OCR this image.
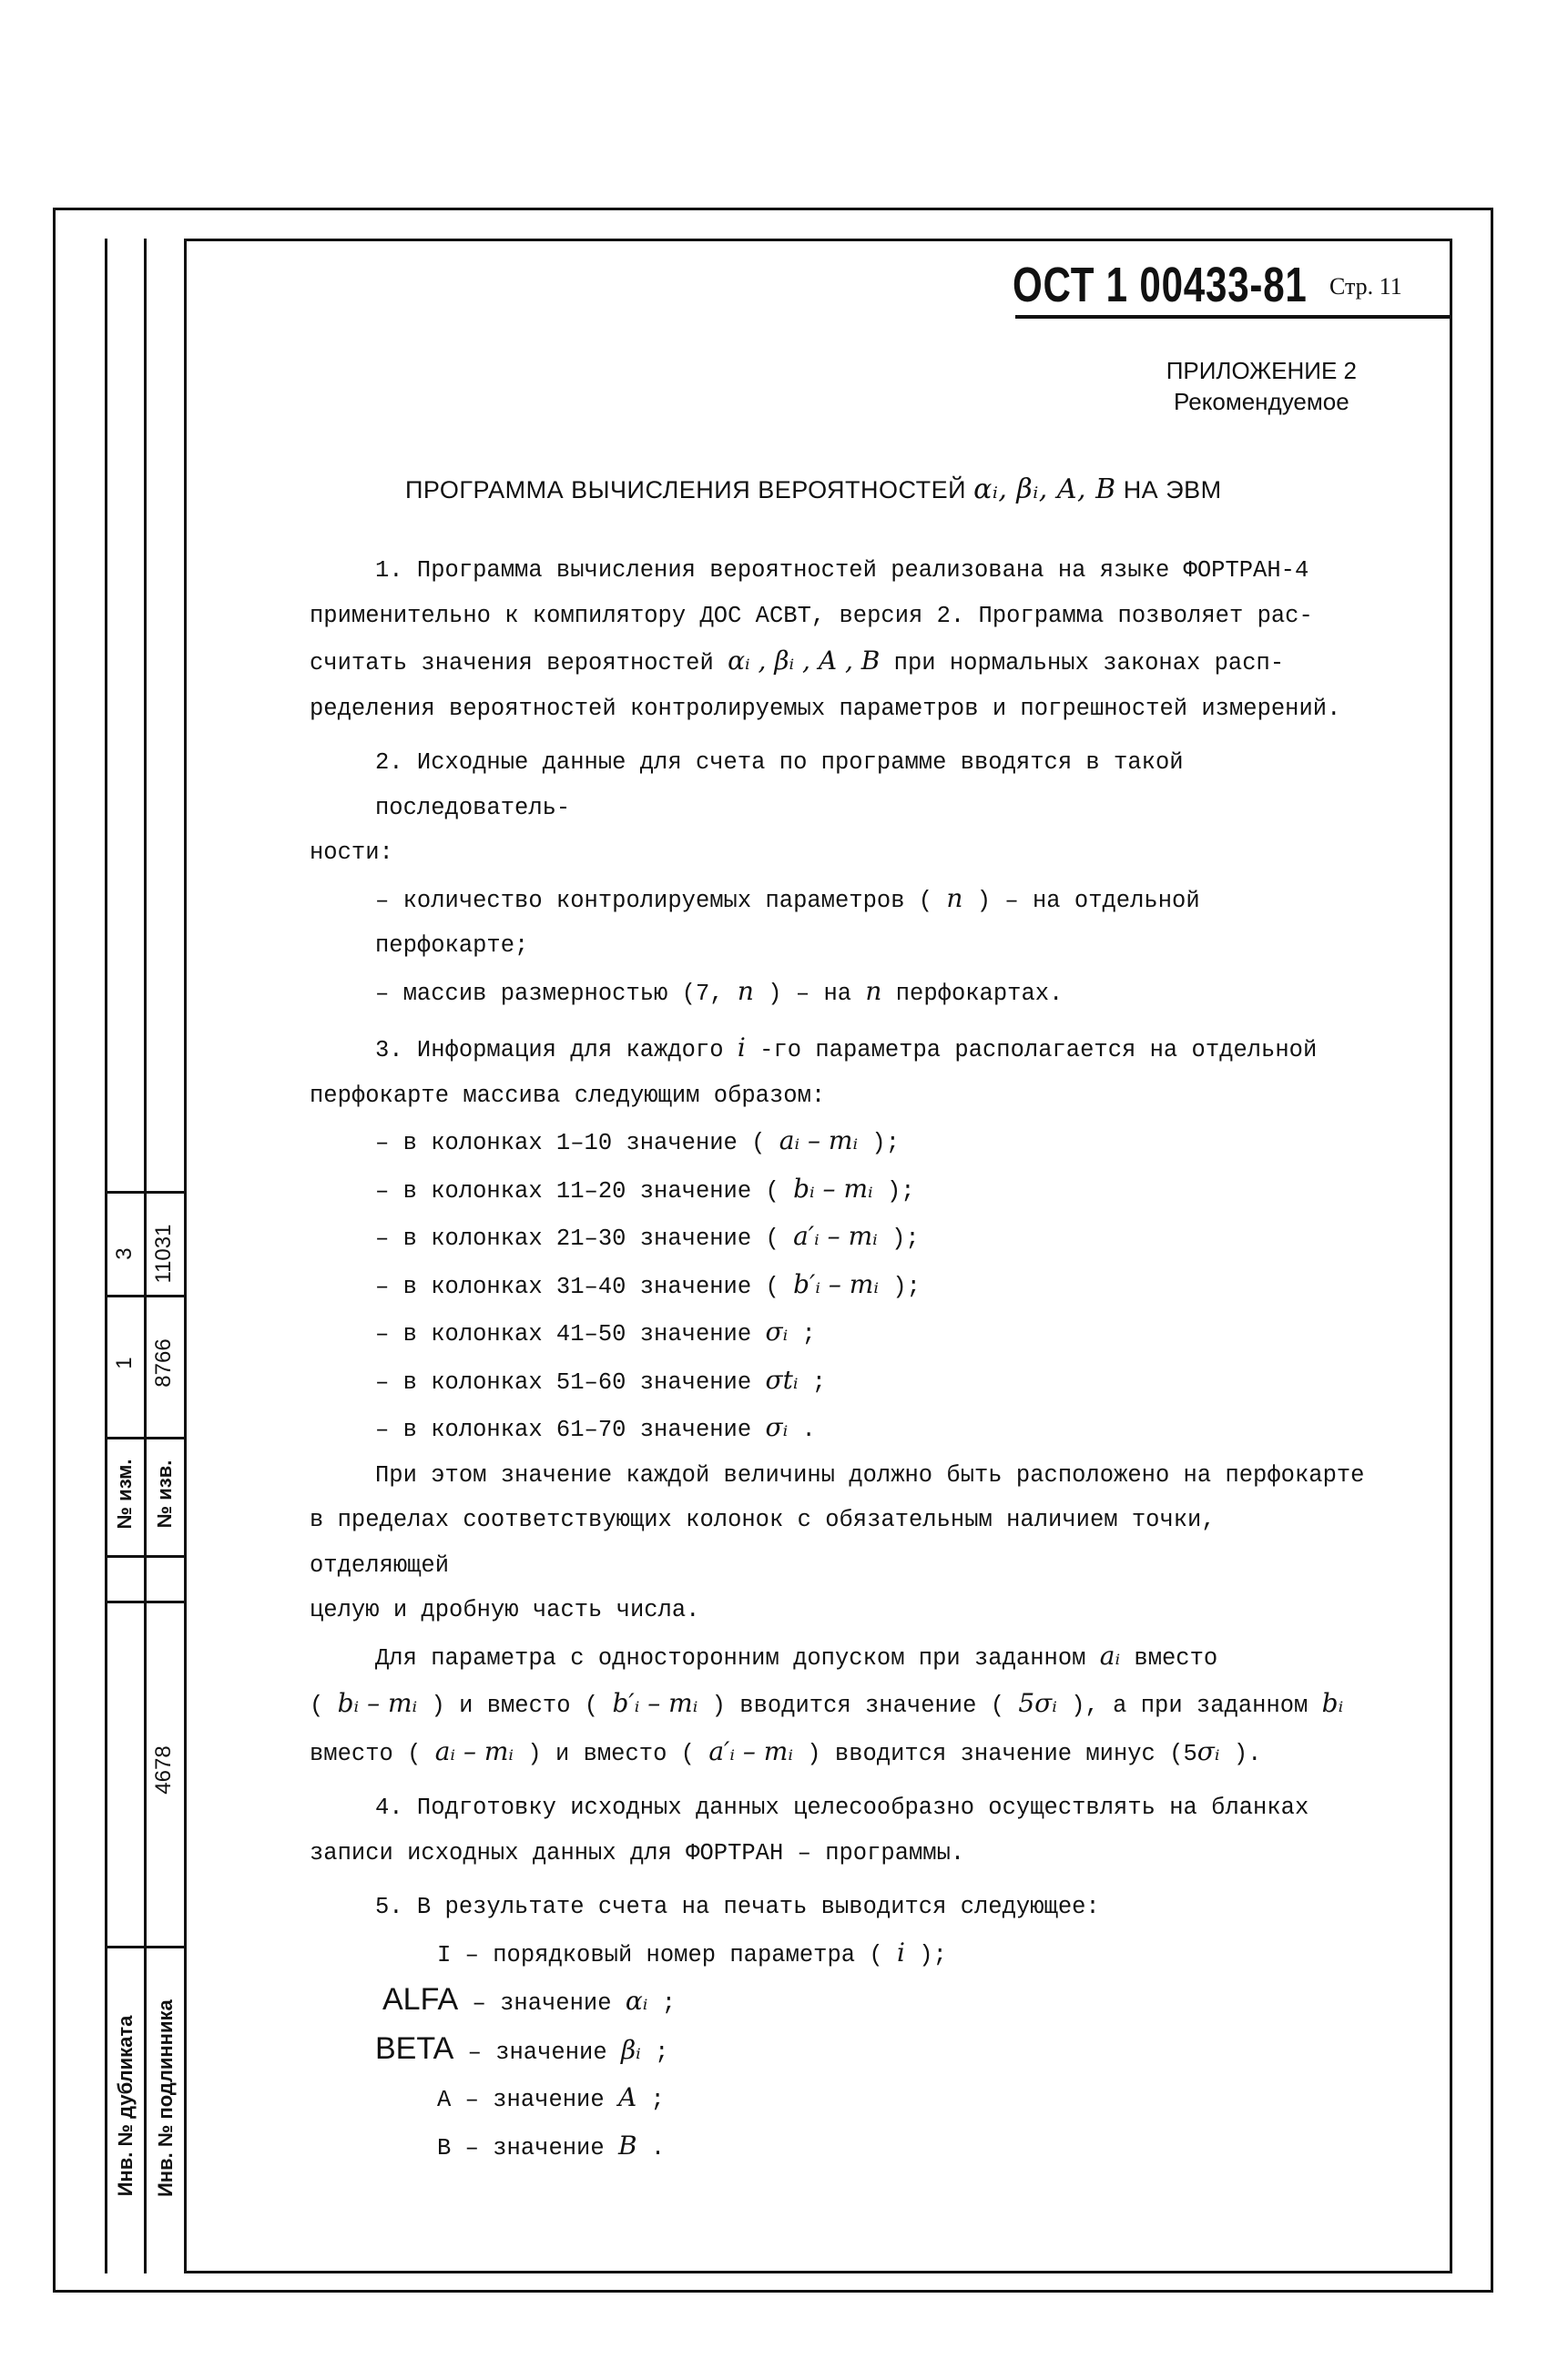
№ изм. № изв.
1 8766
3 11031
4678
Инв. № дубликата Инв. № подлинника
ОСТ 1 00433-81 Стр. 11
ПРИЛОЖЕНИЕ 2
Рекомендуемое
ПРОГРАММА ВЫЧИСЛЕНИЯ ВЕРОЯТНОСТЕЙ αᵢ, βᵢ, A, B НА ЭВМ

1. Программа вычисления вероятностей реализована на языке ФОРТРАН-4

применительно к компилятору ДОС АСВТ, версия 2. Программа позволяет рас-

считать значения вероятностей αᵢ , βᵢ , A , B при нормальных законах расп-

ределения вероятностей контролируемых параметров и погрешностей измерений.

2. Исходные данные для счета по программе вводятся в такой последователь-

ности:

– количество контролируемых параметров ( n ) – на отдельной перфокарте;

– массив размерностью (7, n ) – на n перфокартах.

3. Информация для каждого i -го параметра располагается на отдельной

перфокарте массива следующим образом:

– в колонках 1–10 значение ( aᵢ – mᵢ );

– в колонках 11–20 значение ( bᵢ – mᵢ );

– в колонках 21–30 значение ( a′ᵢ – mᵢ );

– в колонках 31–40 значение ( b′ᵢ – mᵢ );

– в колонках 41–50 значение σᵢ ;

– в колонках 51–60 значение σtᵢ ;

– в колонках 61–70 значение σᵢ .

При этом значение каждой величины должно быть расположено на перфокарте

в пределах соответствующих колонок с обязательным наличием точки, отделяющей

целую и дробную часть числа.

Для параметра с односторонним допуском при заданном aᵢ вместо

( bᵢ – mᵢ ) и вместо ( b′ᵢ – mᵢ ) вводится значение ( 5σᵢ ), а при заданном bᵢ

вместо ( aᵢ – mᵢ ) и вместо ( a′ᵢ – mᵢ ) вводится значение минус (5σᵢ ).

4. Подготовку исходных данных целесообразно осуществлять на бланках

записи исходных данных для ФОРТРАН – программы.

5. В результате счета на печать выводится следующее:

I – порядковый номер параметра ( i );

ALFA – значение αᵢ ;

BETA – значение βᵢ ;

A – значение A ;

B – значение B .
